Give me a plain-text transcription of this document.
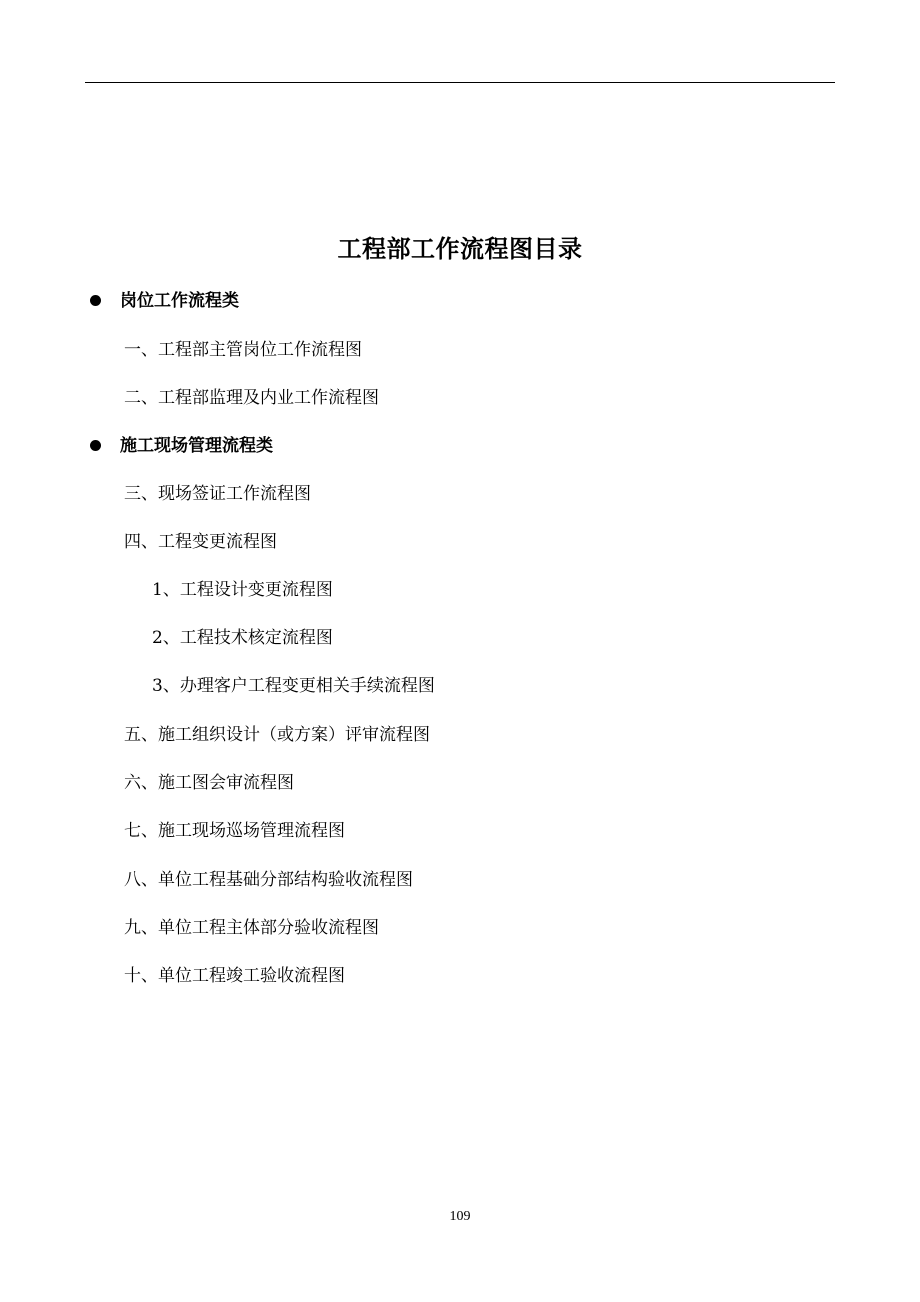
工程部工作流程图目录
岗位工作流程类
一、工程部主管岗位工作流程图
二、工程部监理及内业工作流程图
施工现场管理流程类
三、现场签证工作流程图
四、工程变更流程图
1、工程设计变更流程图
2、工程技术核定流程图
3、办理客户工程变更相关手续流程图
五、施工组织设计（或方案）评审流程图
六、施工图会审流程图
七、施工现场巡场管理流程图
八、单位工程基础分部结构验收流程图
九、单位工程主体部分验收流程图
十、单位工程竣工验收流程图
109
